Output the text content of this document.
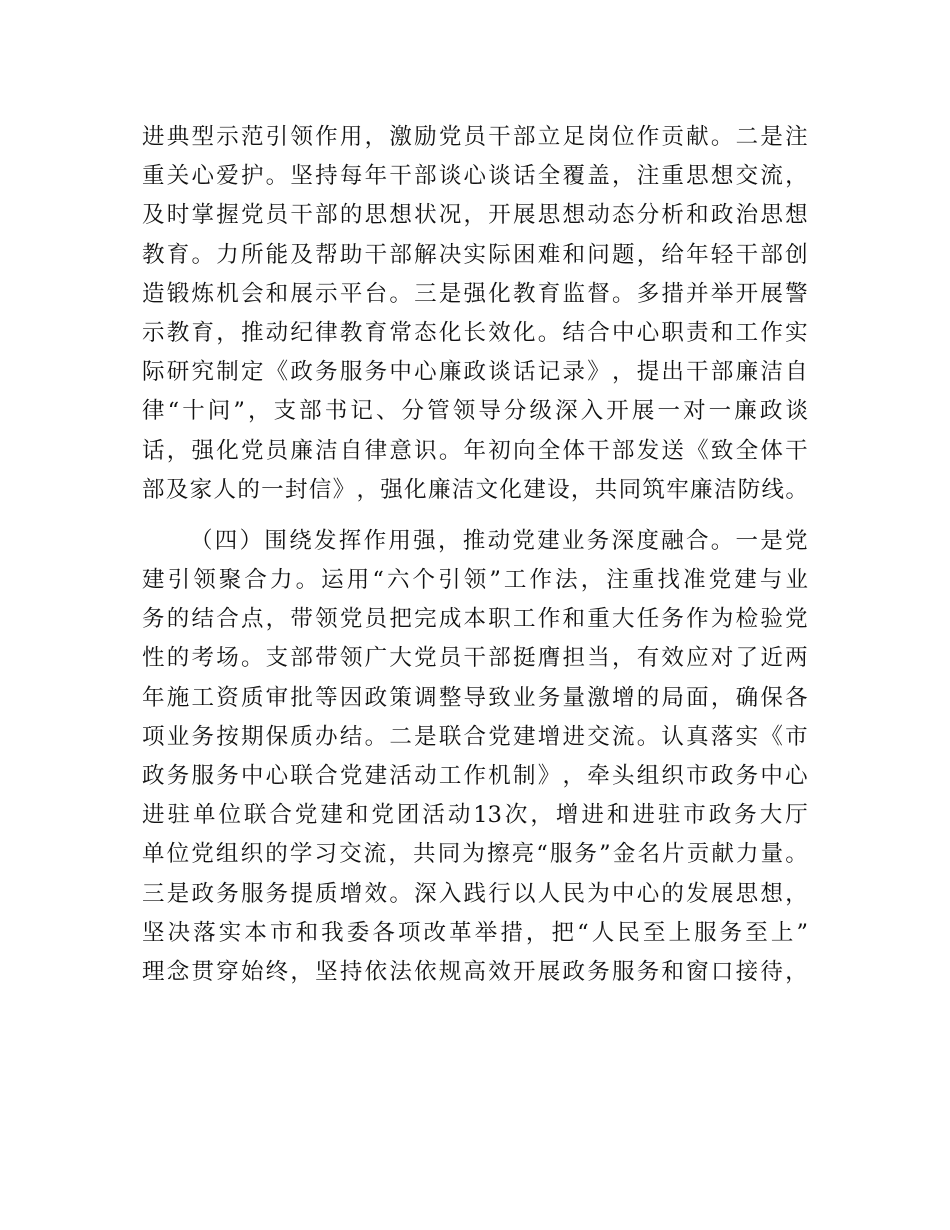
进 典 型 示 范 引 领 作 用 ， 激 励 党 员 干 部 立 足 岗 位 作 贡 献 。 二 是 注
重 关 心 爱 护 。 坚 持 每 年 干 部 谈 心 谈 话 全 覆 盖 ， 注 重 思 想 交 流 ，
及 时 掌 握 党 员 干 部 的 思 想 状 况 ， 开 展 思 想 动 态 分 析 和 政 治 思 想
教 育 。 力 所 能 及 帮 助 干 部 解 决 实 际 困 难 和 问 题 ， 给 年 轻 干 部 创
造 锻 炼 机 会 和 展 示 平 台 。 三 是 强 化 教 育 监 督 。 多 措 并 举 开 展 警
示 教 育 ， 推 动 纪 律 教 育 常 态 化 长 效 化 。 结 合 中 心 职 责 和 工 作 实
际 研 究 制 定 《 政 务 服 务 中 心 廉 政 谈 话 记 录 》 ， 提 出 干 部 廉 洁 自
律 “ 十 问 ” ， 支 部 书 记 、 分 管 领 导 分 级 深 入 开 展 一 对 一 廉 政 谈
话 ， 强 化 党 员 廉 洁 自 律 意 识 。 年 初 向 全 体 干 部 发 送 《 致 全 体 干
部 及 家 人 的 一 封 信 》 ， 强 化 廉 洁 文 化 建 设 ， 共 同 筑 牢 廉 洁 防 线 。

（ 四 ） 围 绕 发 挥 作 用 强 ， 推 动 党 建 业 务 深 度 融 合 。 一 是 党
建 引 领 聚 合 力 。 运 用 “ 六 个 引 领 ” 工 作 法 ， 注 重 找 准 党 建 与 业
务 的 结 合 点 ， 带 领 党 员 把 完 成 本 职 工 作 和 重 大 任 务 作 为 检 验 党
性 的 考 场 。 支 部 带 领 广 大 党 员 干 部 挺 膺 担 当 ， 有 效 应 对 了 近 两
年 施 工 资 质 审 批 等 因 政 策 调 整 导 致 业 务 量 激 增 的 局 面 ， 确 保 各
项 业 务 按 期 保 质 办 结 。 二 是 联 合 党 建 增 进 交 流 。 认 真 落 实 《 市
政 务 服 务 中 心 联 合 党 建 活 动 工 作 机 制 》 ， 牵 头 组 织 市 政 务 中 心
进 驻 单 位 联 合 党 建 和 党 团 活 动 13 次 ， 增 进 和 进 驻 市 政 务 大 厅
单 位 党 组 织 的 学 习 交 流 ， 共 同 为 擦 亮 “ 服 务 ” 金 名 片 贡 献 力 量 。
三 是 政 务 服 务 提 质 增 效 。 深 入 践 行 以 人 民 为 中 心 的 发 展 思 想 ，
坚 决 落 实 本 市 和 我 委 各 项 改 革 举 措 ， 把 “ 人 民 至 上 服 务 至 上 ”
理 念 贯 穿 始 终 ， 坚 持 依 法 依 规 高 效 开 展 政 务 服 务 和 窗 口 接 待 ，
